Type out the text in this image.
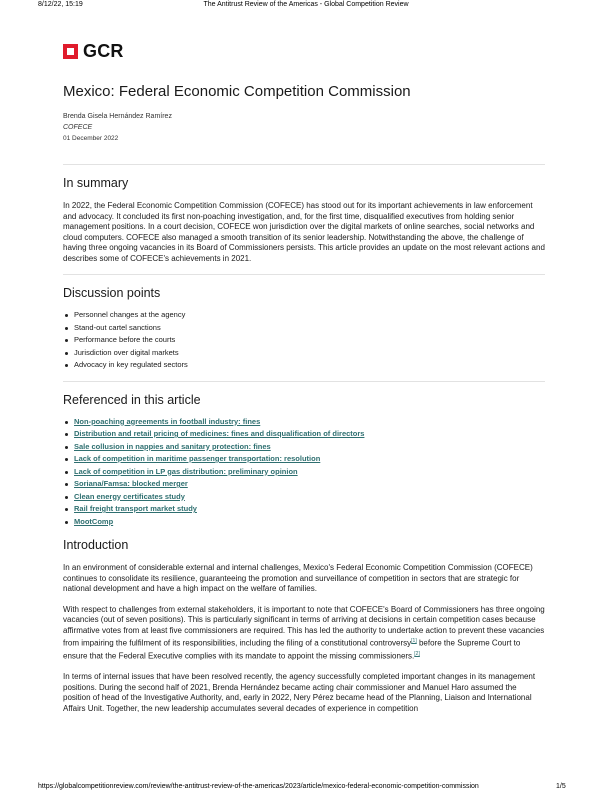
8/12/22, 15:19	The Antitrust Review of the Americas - Global Competition Review
GCR
Mexico: Federal Economic Competition Commission
Brenda Gisela Hernández Ramírez
COFECE
01 December 2022
In summary

In 2022, the Federal Economic Competition Commission (COFECE) has stood out for its important achievements in law enforcement and advocacy. It concluded its first non-poaching investigation, and, for the first time, disqualified executives from holding senior management positions. In a court decision, COFECE won jurisdiction over the digital markets of online searches, social networks and cloud computers. COFECE also managed a smooth transition of its senior leadership. Notwithstanding the above, the challenge of having three ongoing vacancies in its Board of Commissioners persists. This article provides an update on the most relevant actions and describes some of COFECE's achievements in 2021.

Discussion points
Personnel changes at the agency
Stand-out cartel sanctions
Performance before the courts
Jurisdiction over digital markets
Advocacy in key regulated sectors
Referenced in this article
Non-poaching agreements in football industry: fines
Distribution and retail pricing of medicines: fines and disqualification of directors
Sale collusion in nappies and sanitary protection: fines
Lack of competition in maritime passenger transportation: resolution
Lack of competition in LP gas distribution: preliminary opinion
Soriana/Famsa: blocked merger
Clean energy certificates study
Rail freight transport market study
MootComp
Introduction

In an environment of considerable external and internal challenges, Mexico's Federal Economic Competition Commission (COFECE) continues to consolidate its resilience, guaranteeing the promotion and surveillance of competition in sectors that are strategic for national development and have a high impact on the welfare of families.

With respect to challenges from external stakeholders, it is important to note that COFECE's Board of Commissioners has three ongoing vacancies (out of seven positions). This is particularly significant in terms of arriving at decisions in certain competition cases because affirmative votes from at least five commissioners are required. This has led the authority to undertake action to prevent these vacancies from impairing the fulfilment of its responsibilities, including the filing of a constitutional controversy[1] before the Supreme Court to ensure that the Federal Executive complies with its mandate to appoint the missing commissioners.[2]

In terms of internal issues that have been resolved recently, the agency successfully completed important changes in its management positions. During the second half of 2021, Brenda Hernández became acting chair commissioner and Manuel Haro assumed the position of head of the Investigative Authority, and, early in 2022, Nery Pérez became head of the Planning, Liaison and International Affairs Unit. Together, the new leadership accumulates several decades of experience in competition

https://globalcompetitionreview.com/review/the-antitrust-review-of-the-americas/2023/article/mexico-federal-economic-competition-commission	1/5
